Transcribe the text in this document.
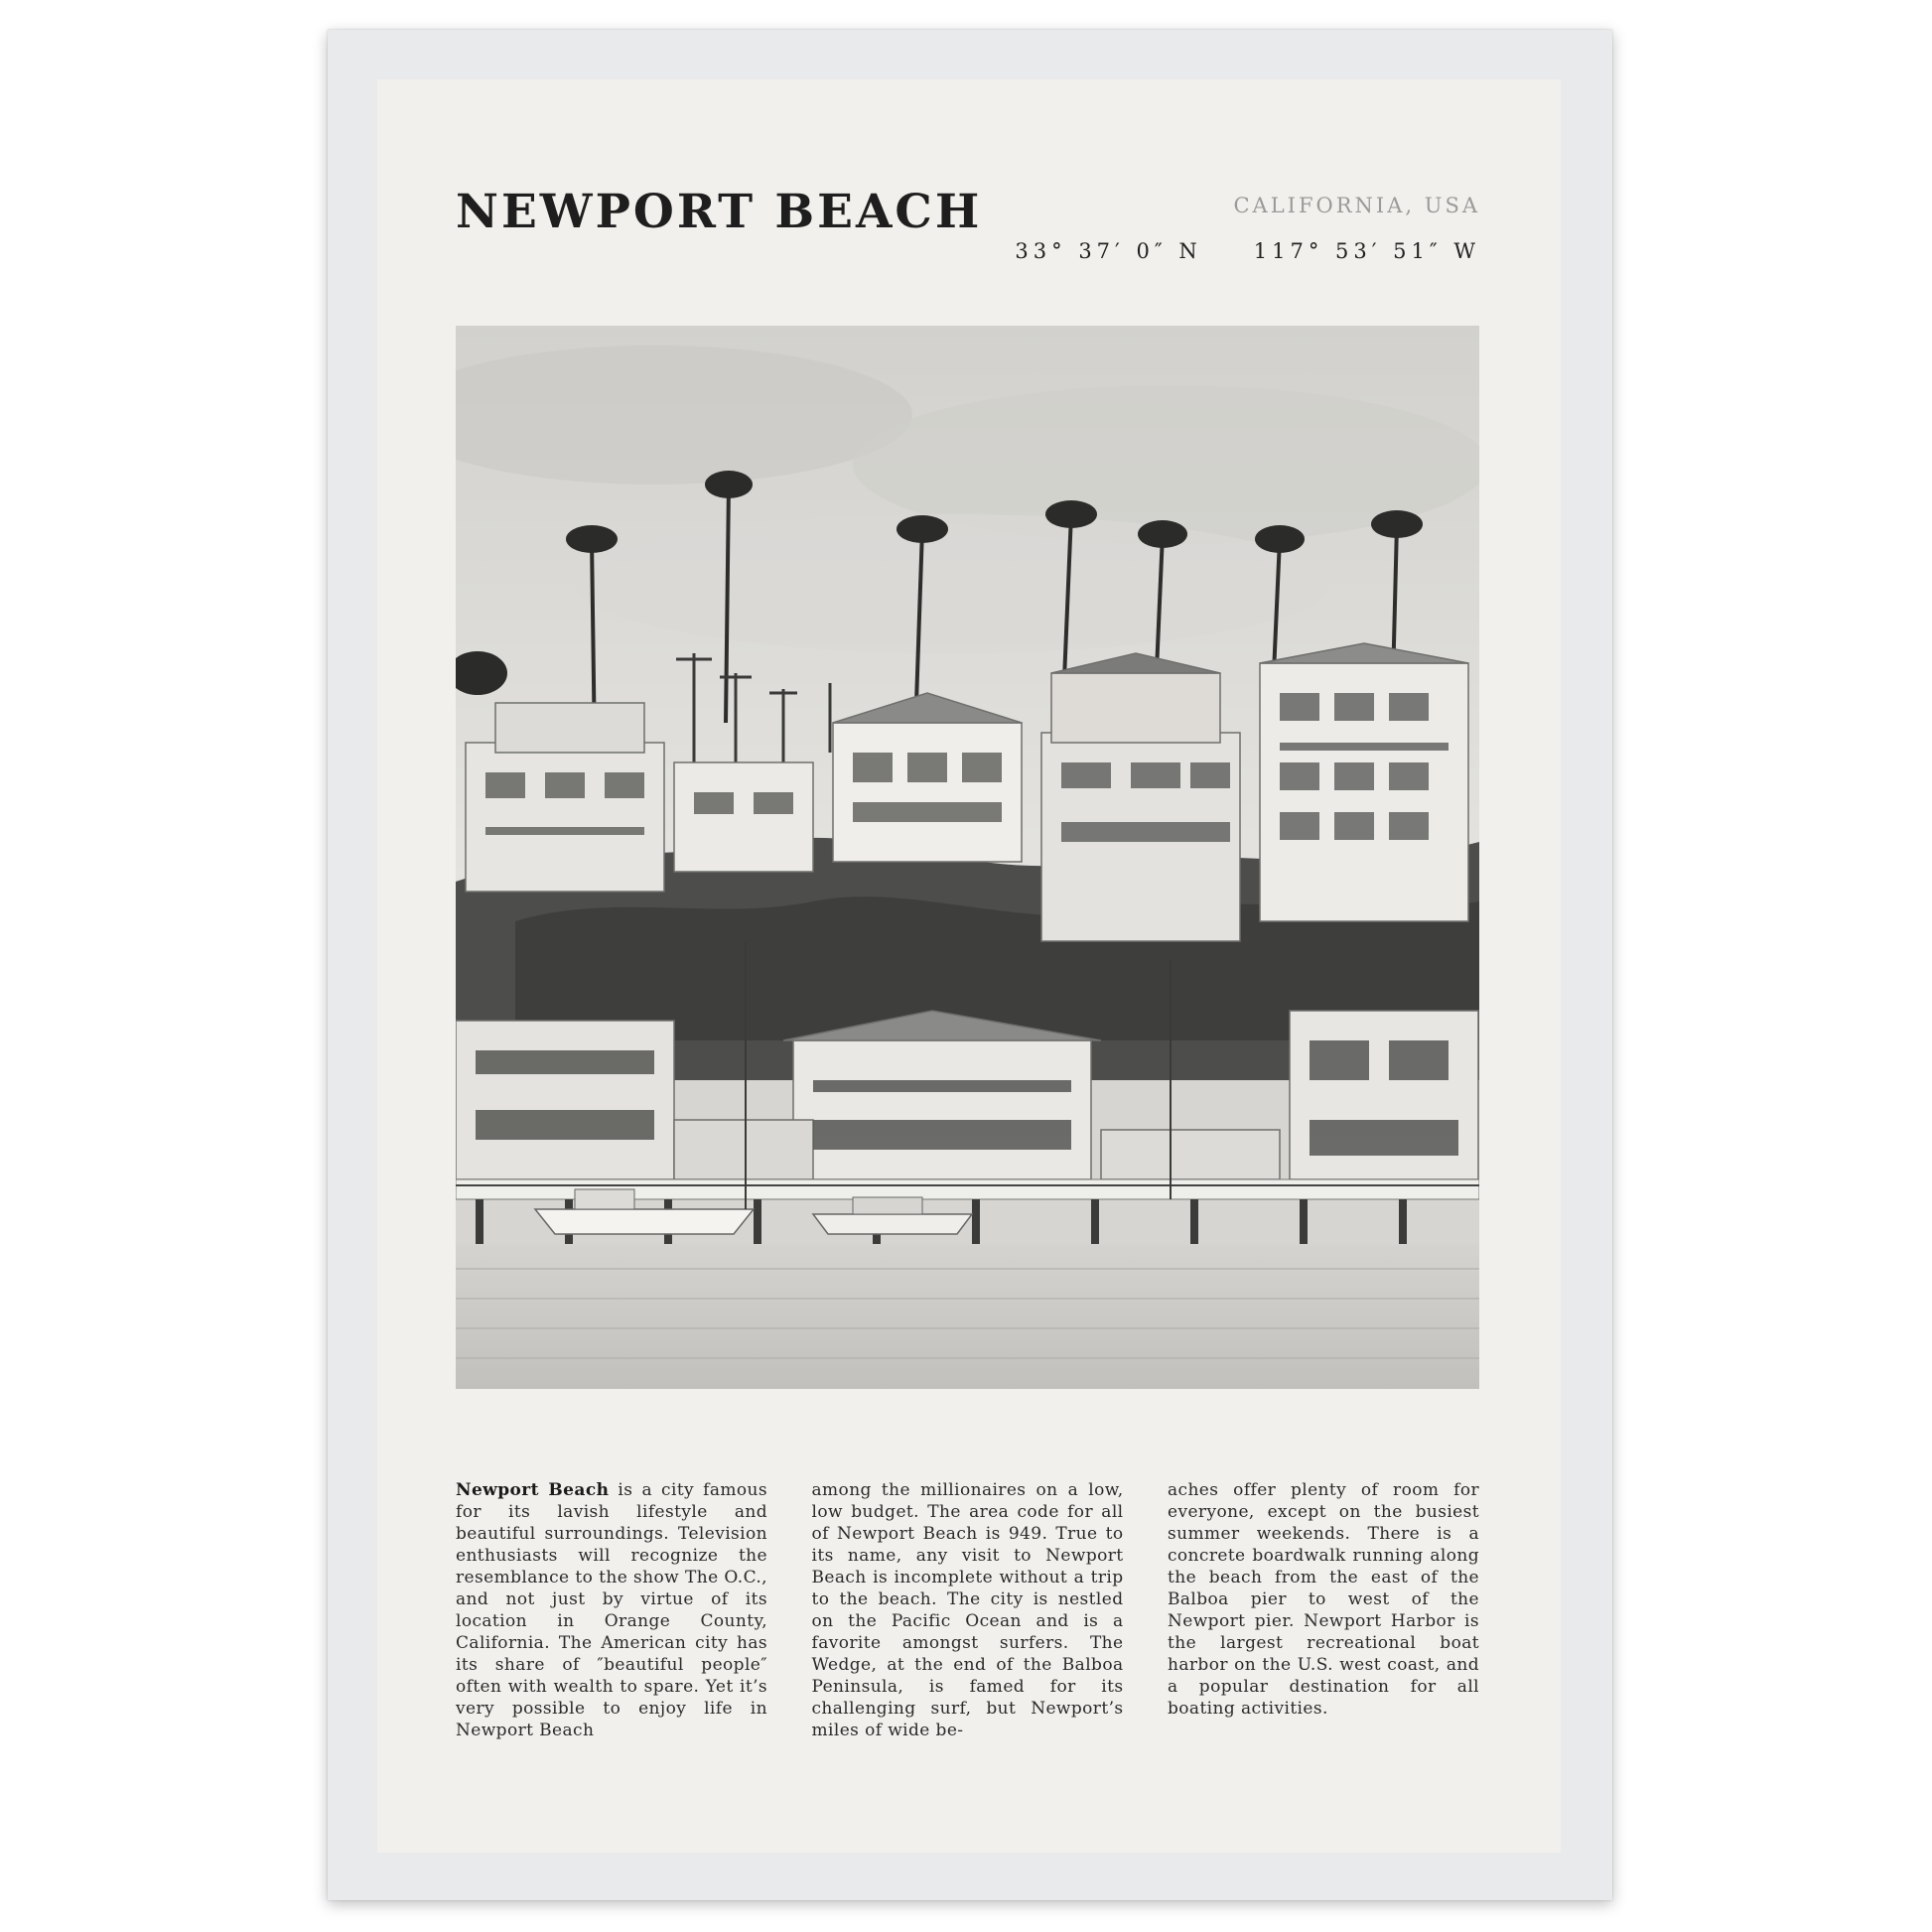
NEWPORT BEACH	CALIFORNIA, USA
33° 37′ 0″ N 117° 53′ 51″ W
Newport Beach is a city famous for its lavish lifestyle and beautiful surroundings. Television enthusiasts will recognize the resemblance to the show The O.C., and not just by virtue of its location in Orange County, California. The American city has its share of ″beautiful people″ often with wealth to spare. Yet it’s very possible to enjoy life in Newport Beach
among the millionaires on a low, low budget. The area code for all of Newport Beach is 949. True to its name, any visit to Newport Beach is incomplete without a trip to the beach. The city is nestled on the Pacific Ocean and is a favorite amongst surfers. The Wedge, at the end of the Balboa Peninsula, is famed for its challenging surf, but Newport’s miles of wide be-
aches offer plenty of room for everyone, except on the busiest summer weekends. There is a concrete boardwalk running along the beach from the east of the Balboa pier to west of the Newport pier. Newport Harbor is the largest recreational boat harbor on the U.S. west coast, and a popular destination for all boating activities.
